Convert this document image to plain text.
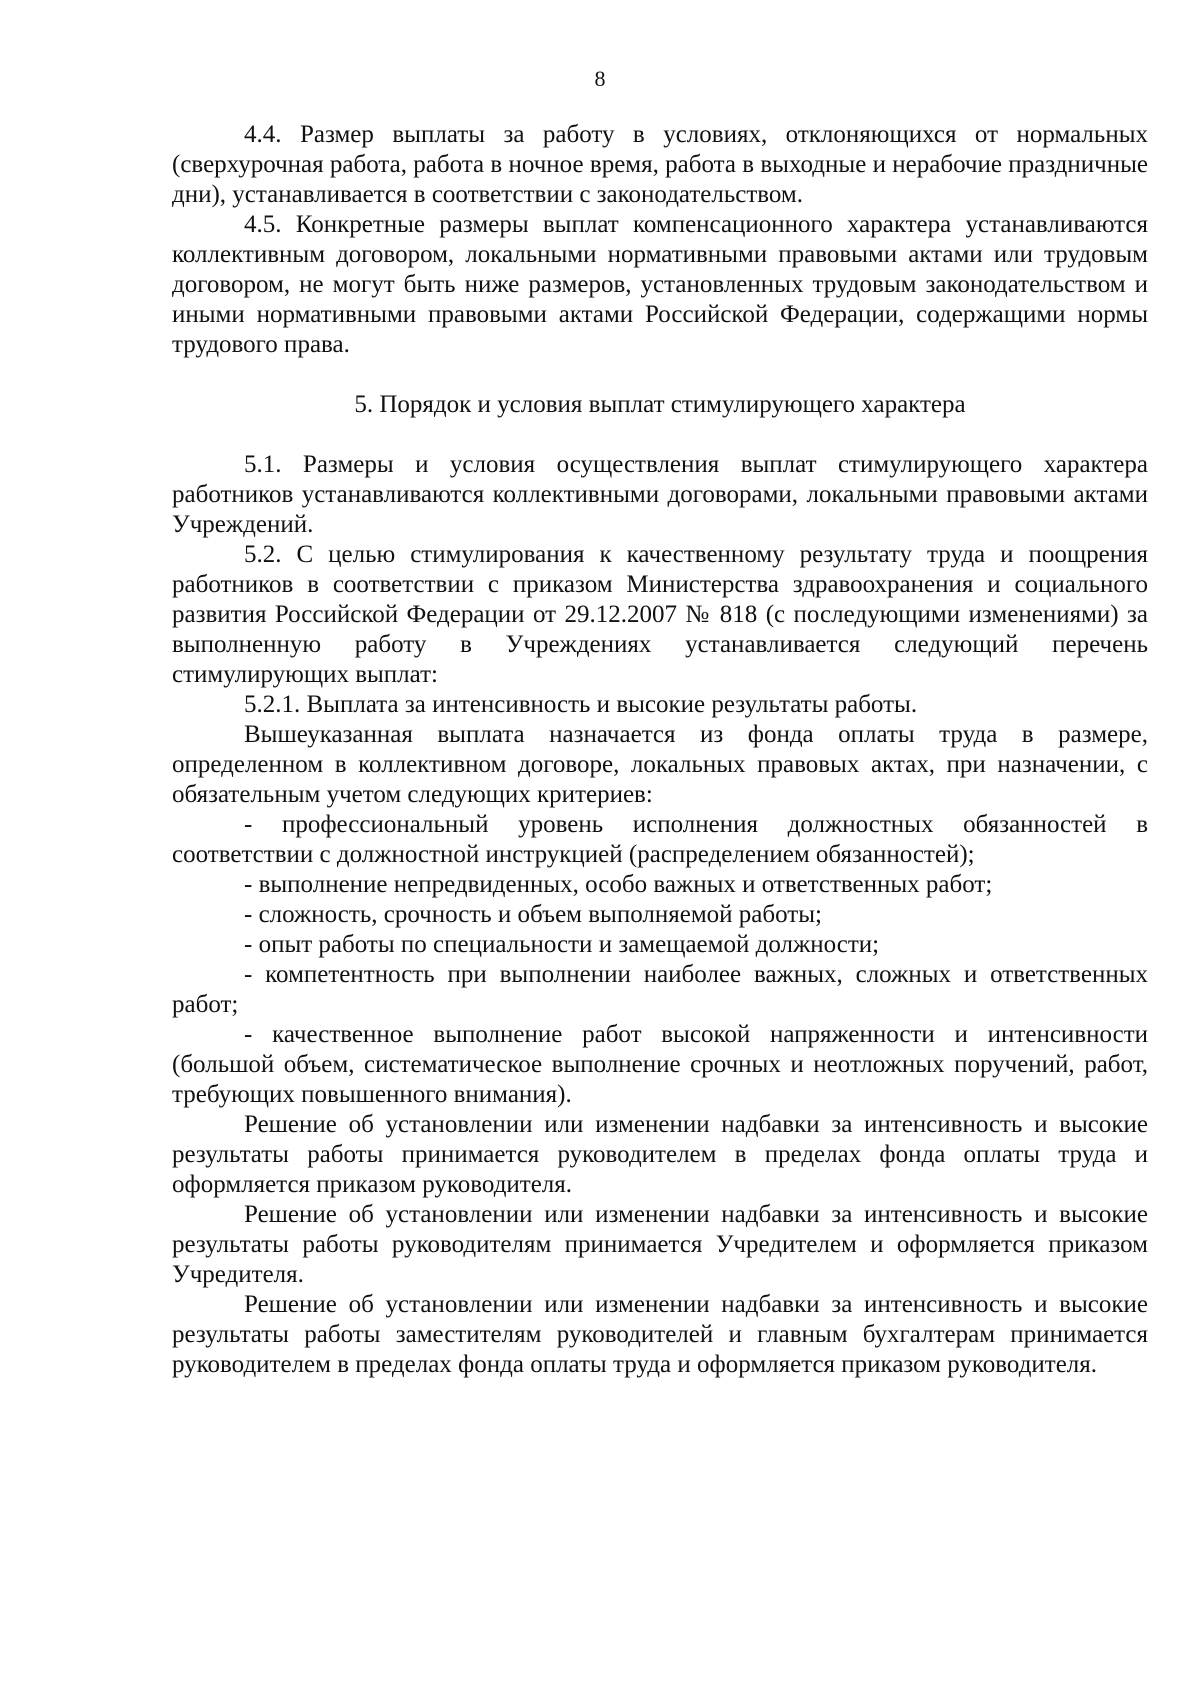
8

4.4. Размер выплаты за работу в условиях, отклоняющихся от нормальных (сверхурочная работа, работа в ночное время, работа в выходные и нерабочие праздничные дни), устанавливается в соответствии с законодательством.

4.5. Конкретные размеры выплат компенсационного характера устанавливаются коллективным договором, локальными нормативными правовыми актами или трудовым договором, не могут быть ниже размеров, установленных трудовым законодательством и иными нормативными правовыми актами Российской Федерации, содержащими нормы трудового права.

5. Порядок и условия выплат стимулирующего характера

5.1. Размеры и условия осуществления выплат стимулирующего характера работников устанавливаются коллективными договорами, локальными правовыми актами Учреждений.

5.2. С целью стимулирования к качественному результату труда и поощрения работников в соответствии с приказом Министерства здравоохранения и социального развития Российской Федерации от 29.12.2007 № 818 (с последующими изменениями) за выполненную работу в Учреждениях устанавливается следующий перечень стимулирующих выплат:

5.2.1. Выплата за интенсивность и высокие результаты работы.

Вышеуказанная выплата назначается из фонда оплаты труда в размере, определенном в коллективном договоре, локальных правовых актах, при назначении, с обязательным учетом следующих критериев:

- профессиональный уровень исполнения должностных обязанностей в соответствии с должностной инструкцией (распределением обязанностей);

- выполнение непредвиденных, особо важных и ответственных работ;

- сложность, срочность и объем выполняемой работы;

- опыт работы по специальности и замещаемой должности;

- компетентность при выполнении наиболее важных, сложных и ответственных работ;

- качественное выполнение работ высокой напряженности и интенсивности (большой объем, систематическое выполнение срочных и неотложных поручений, работ, требующих повышенного внимания).

Решение об установлении или изменении надбавки за интенсивность и высокие результаты работы принимается руководителем в пределах фонда оплаты труда и оформляется приказом руководителя.

Решение об установлении или изменении надбавки за интенсивность и высокие результаты работы руководителям принимается Учредителем и оформляется приказом Учредителя.

Решение об установлении или изменении надбавки за интенсивность и высокие результаты работы заместителям руководителей и главным бухгалтерам принимается руководителем в пределах фонда оплаты труда и оформляется приказом руководителя.
